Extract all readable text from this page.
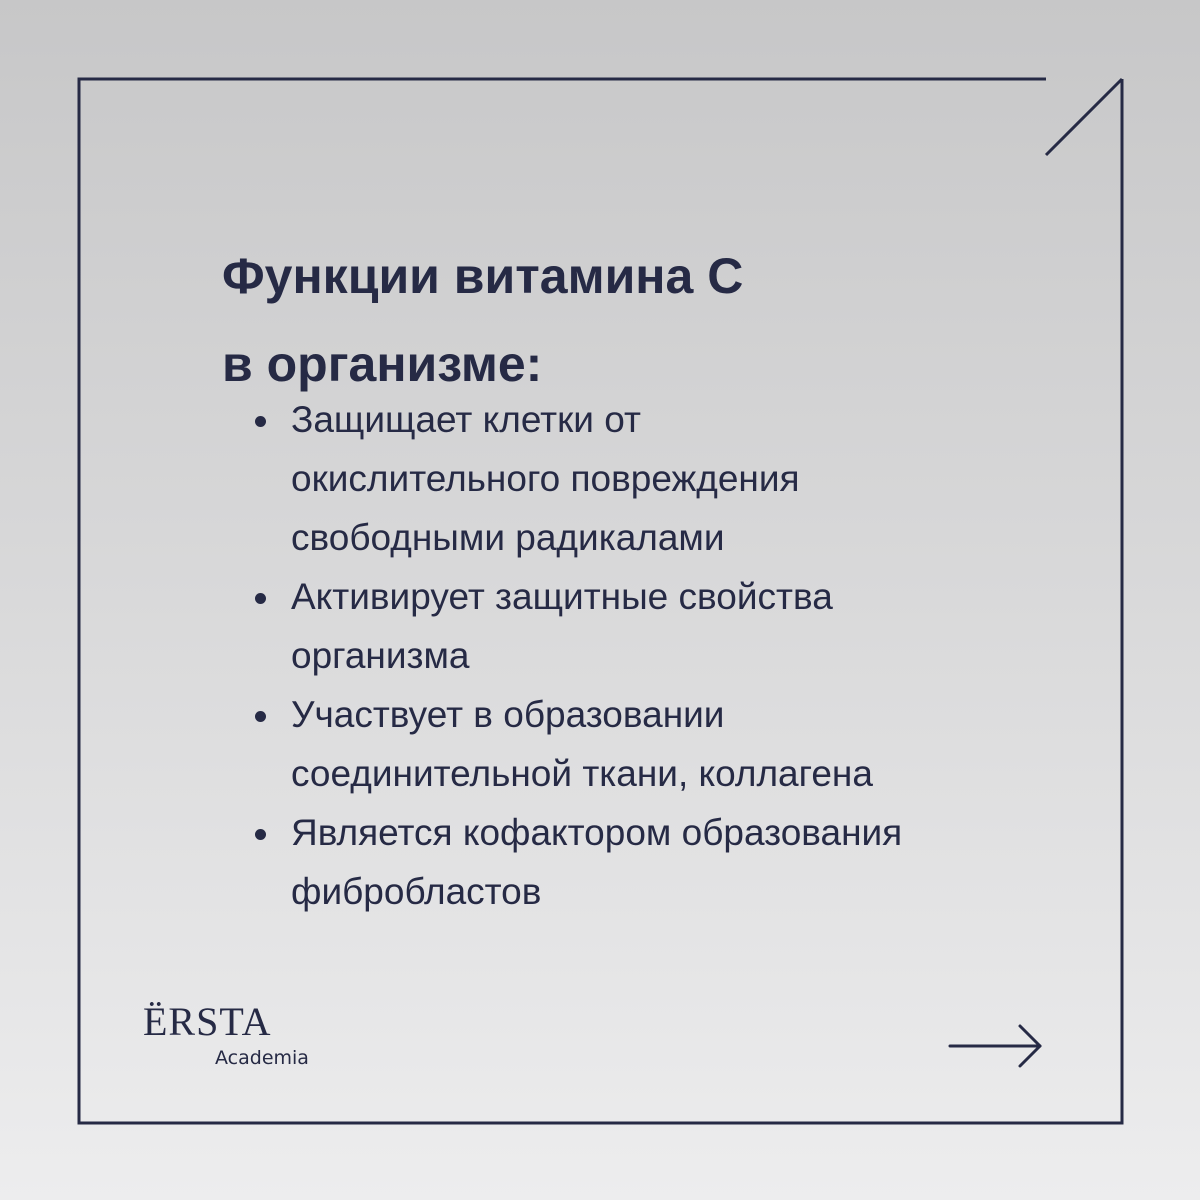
Функции витамина С
в организме:
Защищает клетки от
окислительного повреждения
свободными радикалами
Активирует защитные свойства
организма
Участвует в образовании
соединительной ткани, коллагена
Является кофактором образования
фибробластов
ЁRSTA
Academia
